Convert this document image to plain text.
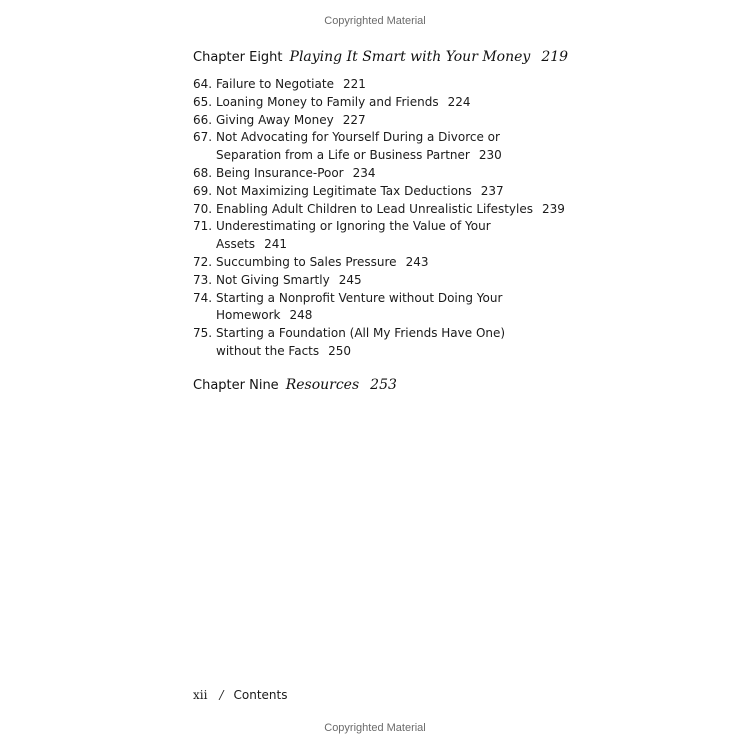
Copyrighted Material
Chapter Eight Playing It Smart with Your Money 219
64. Failure to Negotiate 221
65. Loaning Money to Family and Friends 224
66. Giving Away Money 227
67. Not Advocating for Yourself During a Divorce or
Separation from a Life or Business Partner 230
68. Being Insurance-Poor 234
69. Not Maximizing Legitimate Tax Deductions 237
70. Enabling Adult Children to Lead Unrealistic Lifestyles 239
71. Underestimating or Ignoring the Value of Your
Assets 241
72. Succumbing to Sales Pressure 243
73. Not Giving Smartly 245
74. Starting a Nonprofit Venture without Doing Your
Homework 248
75. Starting a Foundation (All My Friends Have One)
without the Facts 250
Chapter Nine Resources 253
xii / Contents
Copyrighted Material
